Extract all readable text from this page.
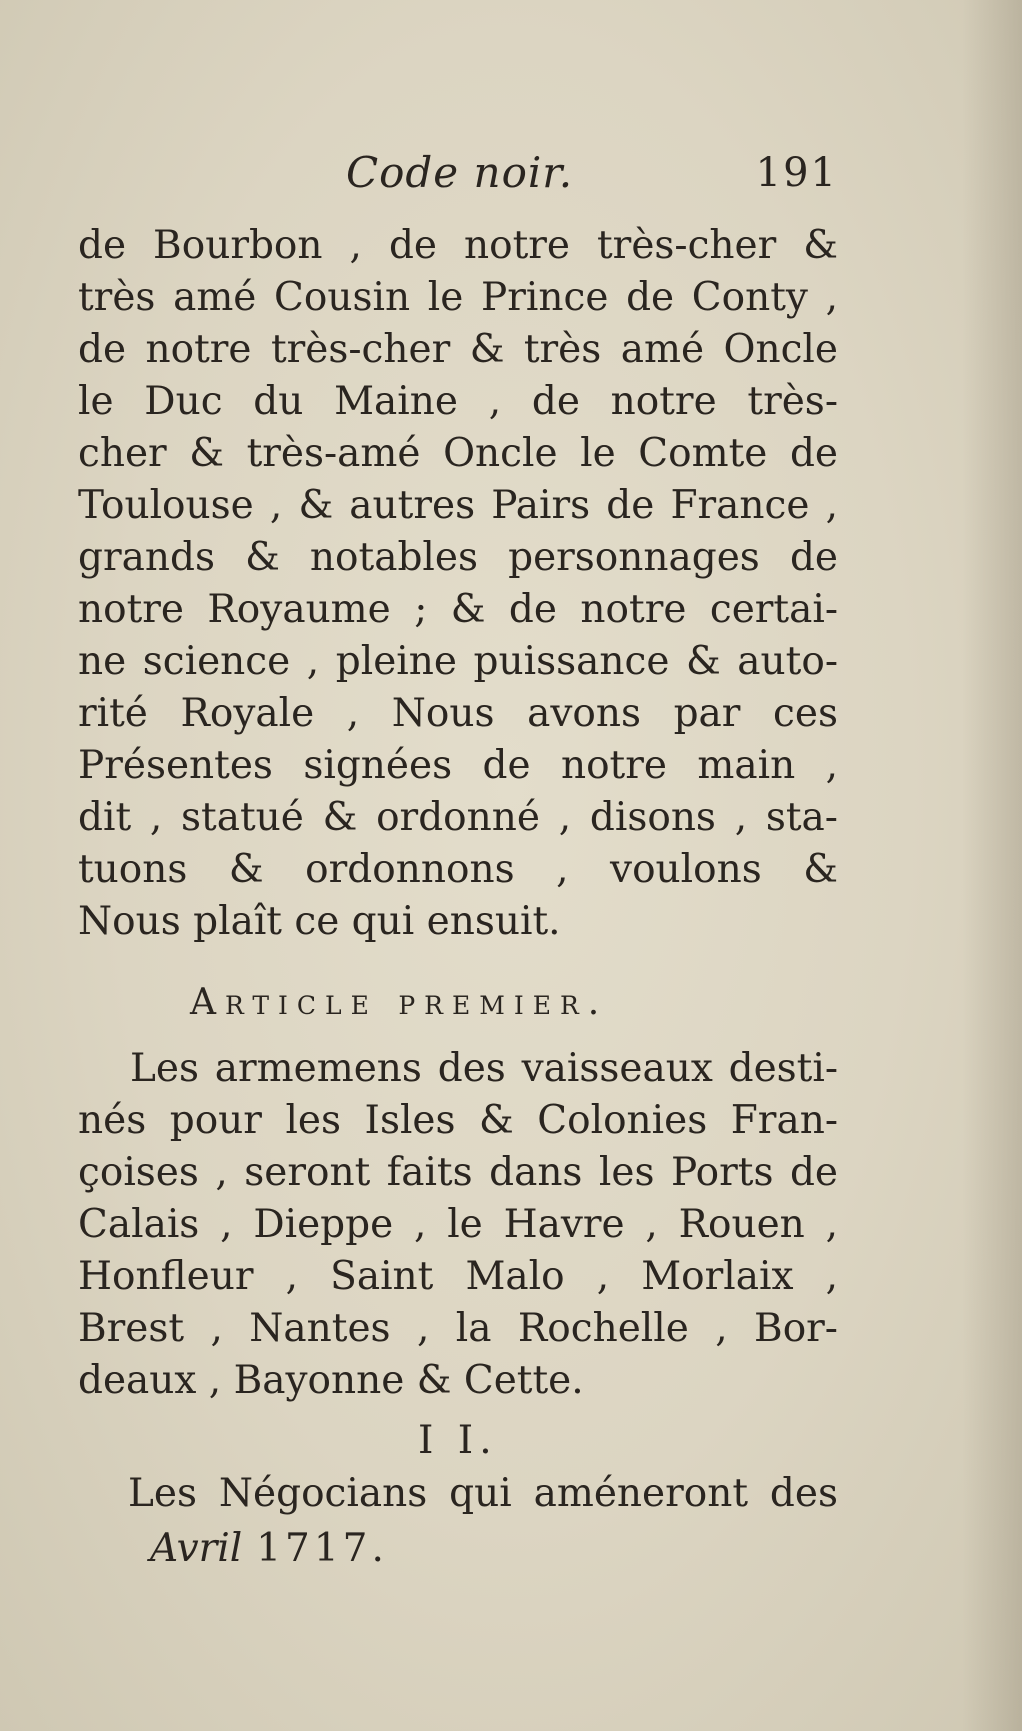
Code noir.	191
de Bourbon , de notre très-cher &
très amé Cousin le Prince de Conty ,
de notre très-cher & très amé Oncle
le Duc du Maine , de notre très-
cher & très-amé Oncle le Comte de
Toulouse , & autres Pairs de France ,
grands & notables personnages de
notre Royaume ; & de notre certai-
ne science , pleine puissance & auto-
rité Royale , Nous avons par ces
Présentes signées de notre main ,
dit , statué & ordonné , disons , sta-
tuons & ordonnons , voulons &
Nous plaît ce qui ensuit.
Article premier.
Les armemens des vaisseaux desti-
nés pour les Isles & Colonies Fran-
çoises , seront faits dans les Ports de
Calais , Dieppe , le Havre , Rouen ,
Honfleur , Saint Malo , Morlaix ,
Brest , Nantes , la Rochelle , Bor-
deaux , Bayonne & Cette.
I I.
Les Négocians qui améneront des
Avril 1717.
